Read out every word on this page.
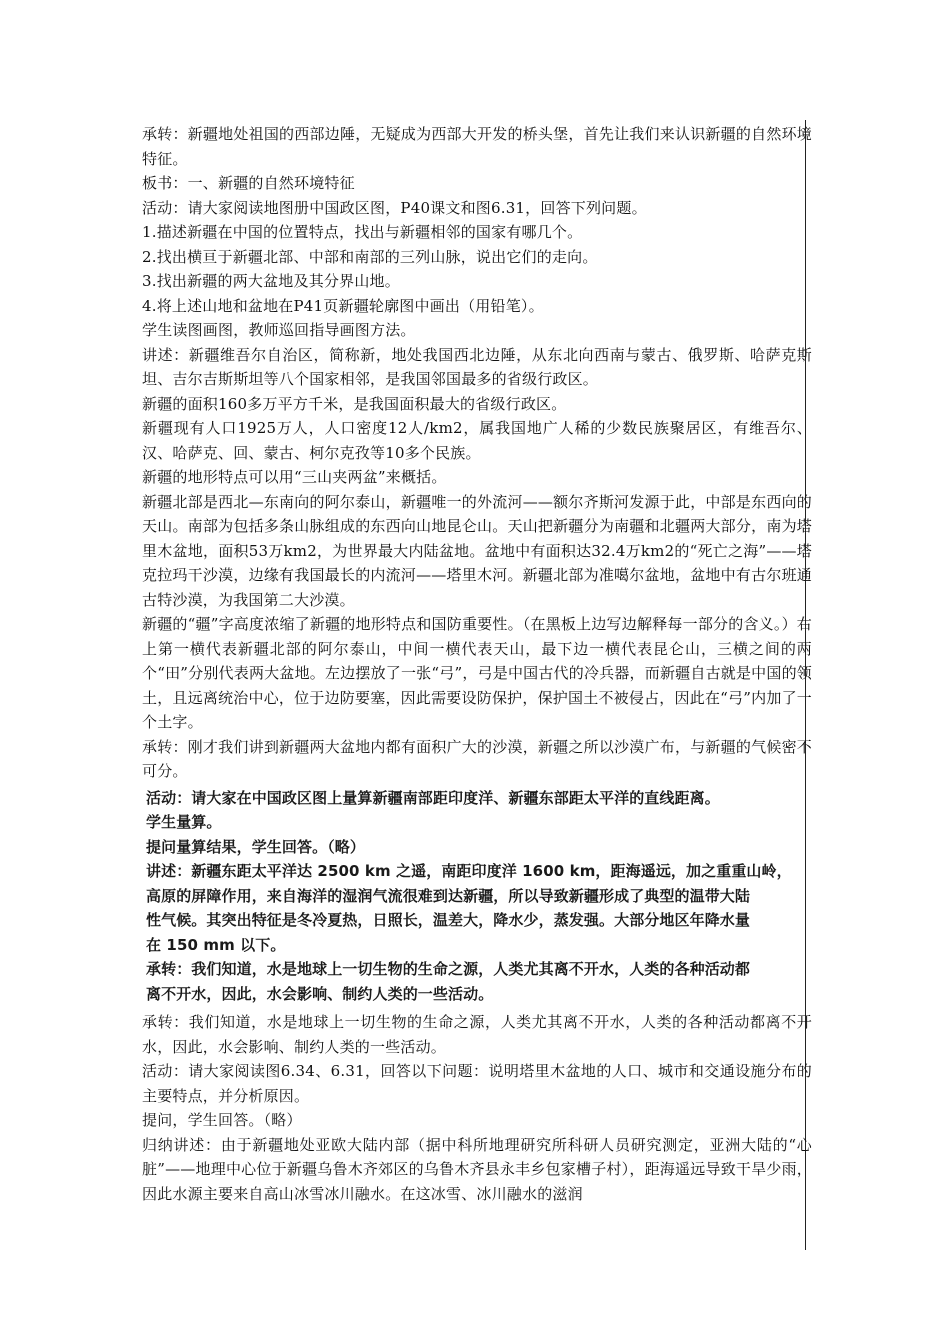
承转：新疆地处祖国的西部边陲，无疑成为西部大开发的桥头堡，首先让我们来认识新疆的自然环境特征。

板书：一、新疆的自然环境特征

活动：请大家阅读地图册中国政区图，P40课文和图6.31，回答下列问题。

1.描述新疆在中国的位置特点，找出与新疆相邻的国家有哪几个。

2.找出横亘于新疆北部、中部和南部的三列山脉，说出它们的走向。

3.找出新疆的两大盆地及其分界山地。

4.将上述山地和盆地在P41页新疆轮廓图中画出（用铅笔）。

学生读图画图，教师巡回指导画图方法。

讲述：新疆维吾尔自治区，简称新，地处我国西北边陲，从东北向西南与蒙古、俄罗斯、哈萨克斯坦、吉尔吉斯斯坦等八个国家相邻，是我国邻国最多的省级行政区。

新疆的面积160多万平方千米，是我国面积最大的省级行政区。

新疆现有人口1925万人，人口密度12人/km2，属我国地广人稀的少数民族聚居区，有维吾尔、汉、哈萨克、回、蒙古、柯尔克孜等10多个民族。

新疆的地形特点可以用“三山夹两盆”来概括。

新疆北部是西北—东南向的阿尔泰山，新疆唯一的外流河——额尔齐斯河发源于此，中部是东西向的天山。南部为包括多条山脉组成的东西向山地昆仑山。天山把新疆分为南疆和北疆两大部分，南为塔里木盆地，面积53万km2，为世界最大内陆盆地。盆地中有面积达32.4万km2的“死亡之海”——塔克拉玛干沙漠，边缘有我国最长的内流河——塔里木河。新疆北部为准噶尔盆地，盆地中有古尔班通古特沙漠，为我国第二大沙漠。

新疆的“疆”字高度浓缩了新疆的地形特点和国防重要性。（在黑板上边写边解释每一部分的含义。）右上第一横代表新疆北部的阿尔泰山，中间一横代表天山，最下边一横代表昆仑山，三横之间的两个“田”分别代表两大盆地。左边摆放了一张“弓”，弓是中国古代的冷兵器，而新疆自古就是中国的领土，且远离统治中心，位于边防要塞，因此需要设防保护，保护国土不被侵占，因此在“弓”内加了一个土字。

承转：刚才我们讲到新疆两大盆地内都有面积广大的沙漠，新疆之所以沙漠广布，与新疆的气候密不可分。

活动：请大家在中国政区图上量算新疆南部距印度洋、新疆东部距太平洋的直线距离。

学生量算。

提问量算结果，学生回答。（略）

讲述：新疆东距太平洋达 2500 km 之遥，南距印度洋 1600 km，距海遥远，加之重重山岭，

高原的屏障作用，来自海洋的湿润气流很难到达新疆，所以导致新疆形成了典型的温带大陆

性气候。其突出特征是冬冷夏热，日照长，温差大，降水少，蒸发强。大部分地区年降水量

在 150 mm 以下。

承转：我们知道，水是地球上一切生物的生命之源，人类尤其离不开水，人类的各种活动都

离不开水，因此，水会影响、制约人类的一些活动。

承转：我们知道，水是地球上一切生物的生命之源，人类尤其离不开水，人类的各种活动都离不开水，因此，水会影响、制约人类的一些活动。

活动：请大家阅读图6.34、6.31，回答以下问题：说明塔里木盆地的人口、城市和交通设施分布的主要特点，并分析原因。

提问，学生回答。（略）

归纳讲述：由于新疆地处亚欧大陆内部（据中科所地理研究所科研人员研究测定，亚洲大陆的“心脏”——地理中心位于新疆乌鲁木齐郊区的乌鲁木齐县永丰乡包家槽子村），距海遥远导致干旱少雨，因此水源主要来自高山冰雪冰川融水。在这冰雪、冰川融水的滋润
